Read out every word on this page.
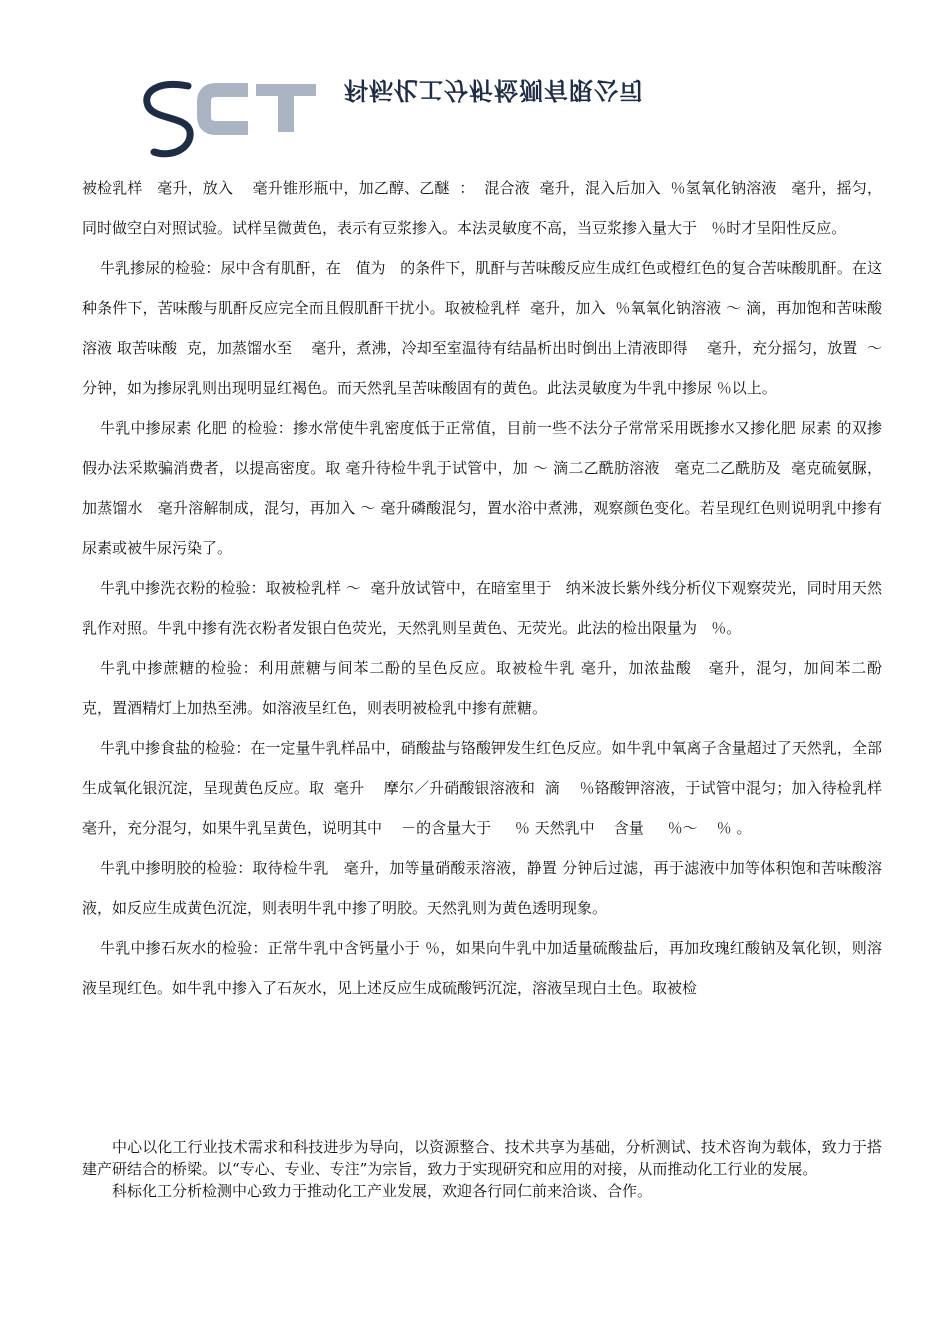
科标化工分析检测有限公司

被检乳样   毫升，放入    毫升锥形瓶中，加乙醇、乙醚  ：  混合液  毫升，混入后加入  ％氢氧化钠溶液   毫升，摇匀，同时做空白对照试验。试样呈微黄色，表示有豆浆掺入。本法灵敏度不高，当豆浆掺入量大于   ％时才呈阳性反应。

牛乳掺尿的检验：尿中含有肌酐，在   值为   的条件下，肌酐与苦味酸反应生成红色或橙红色的复合苦味酸肌酐。在这种条件下，苦味酸与肌酐反应完全而且假肌酐干扰小。取被检乳样  毫升，加入  ％氧氧化钠溶液 ～ 滴，再加饱和苦味酸溶液 取苦味酸  克，加蒸馏水至    毫升，煮沸，冷却至室温待有结晶析出时倒出上清液即得    毫升，充分摇匀，放置  ～  分钟，如为掺尿乳则出现明显红褐色。而天然乳呈苦味酸固有的黄色。此法灵敏度为牛乳中掺尿 ％以上。

牛乳中掺尿素 化肥 的检验：掺水常使牛乳密度低于正常值，目前一些不法分子常常采用既掺水又掺化肥 尿素 的双掺假办法采欺骗消费者，以提高密度。取 毫升待检牛乳于试管中，加 ～ 滴二乙酰肪溶液   毫克二乙酰肪及  毫克硫氨脲，加蒸馏水   毫升溶解制成，混匀，再加入 ～ 毫升磷酸混匀，置水浴中煮沸，观察颜色变化。若呈现红色则说明乳中掺有尿素或被牛尿污染了。

牛乳中掺洗衣粉的检验：取被检乳样 ～  毫升放试管中，在暗室里于   纳米波长紫外线分析仪下观察荧光，同时用天然乳作对照。牛乳中掺有洗衣粉者发银白色荧光，天然乳则呈黄色、无荧光。此法的检出限量为   ％。

牛乳中掺蔗糖的检验：利用蔗糖与间苯二酚的呈色反应。取被检牛乳 毫升，加浓盐酸   毫升，混匀，加间苯二酚   克，置酒精灯上加热至沸。如溶液呈红色，则表明被检乳中掺有蔗糖。

牛乳中掺食盐的检验：在一定量牛乳样品中，硝酸盐与铬酸钾发生红色反应。如牛乳中氧离子含量超过了天然乳，全部生成氧化银沉淀，呈现黄色反应。取  毫升    摩尔／升硝酸银溶液和  滴    ％铬酸钾溶液，于试管中混匀；加入待检乳样 毫升，充分混匀，如果牛乳呈黄色，说明其中    －的含量大于     ％ 天然乳中    含量     ％～    ％ 。

牛乳中掺明胶的检验：取待检牛乳   毫升，加等量硝酸汞溶液，静置 分钟后过滤，再于滤液中加等体积饱和苦味酸溶液，如反应生成黄色沉淀，则表明牛乳中掺了明胶。天然乳则为黄色透明现象。

牛乳中掺石灰水的检验：正常牛乳中含钙量小于 ％，如果向牛乳中加适量硫酸盐后，再加玫瑰红酸钠及氧化钡，则溶液呈现红色。如牛乳中掺入了石灰水，见上述反应生成硫酸钙沉淀，溶液呈现白土色。取被检

中心以化工行业技术需求和科技进步为导向，以资源整合、技术共享为基础，分析测试、技术咨询为载体，致力于搭建产研结合的桥梁。以“专心、专业、专注”为宗旨，致力于实现研究和应用的对接，从而推动化工行业的发展。

科标化工分析检测中心致力于推动化工产业发展，欢迎各行同仁前来洽谈、合作。
